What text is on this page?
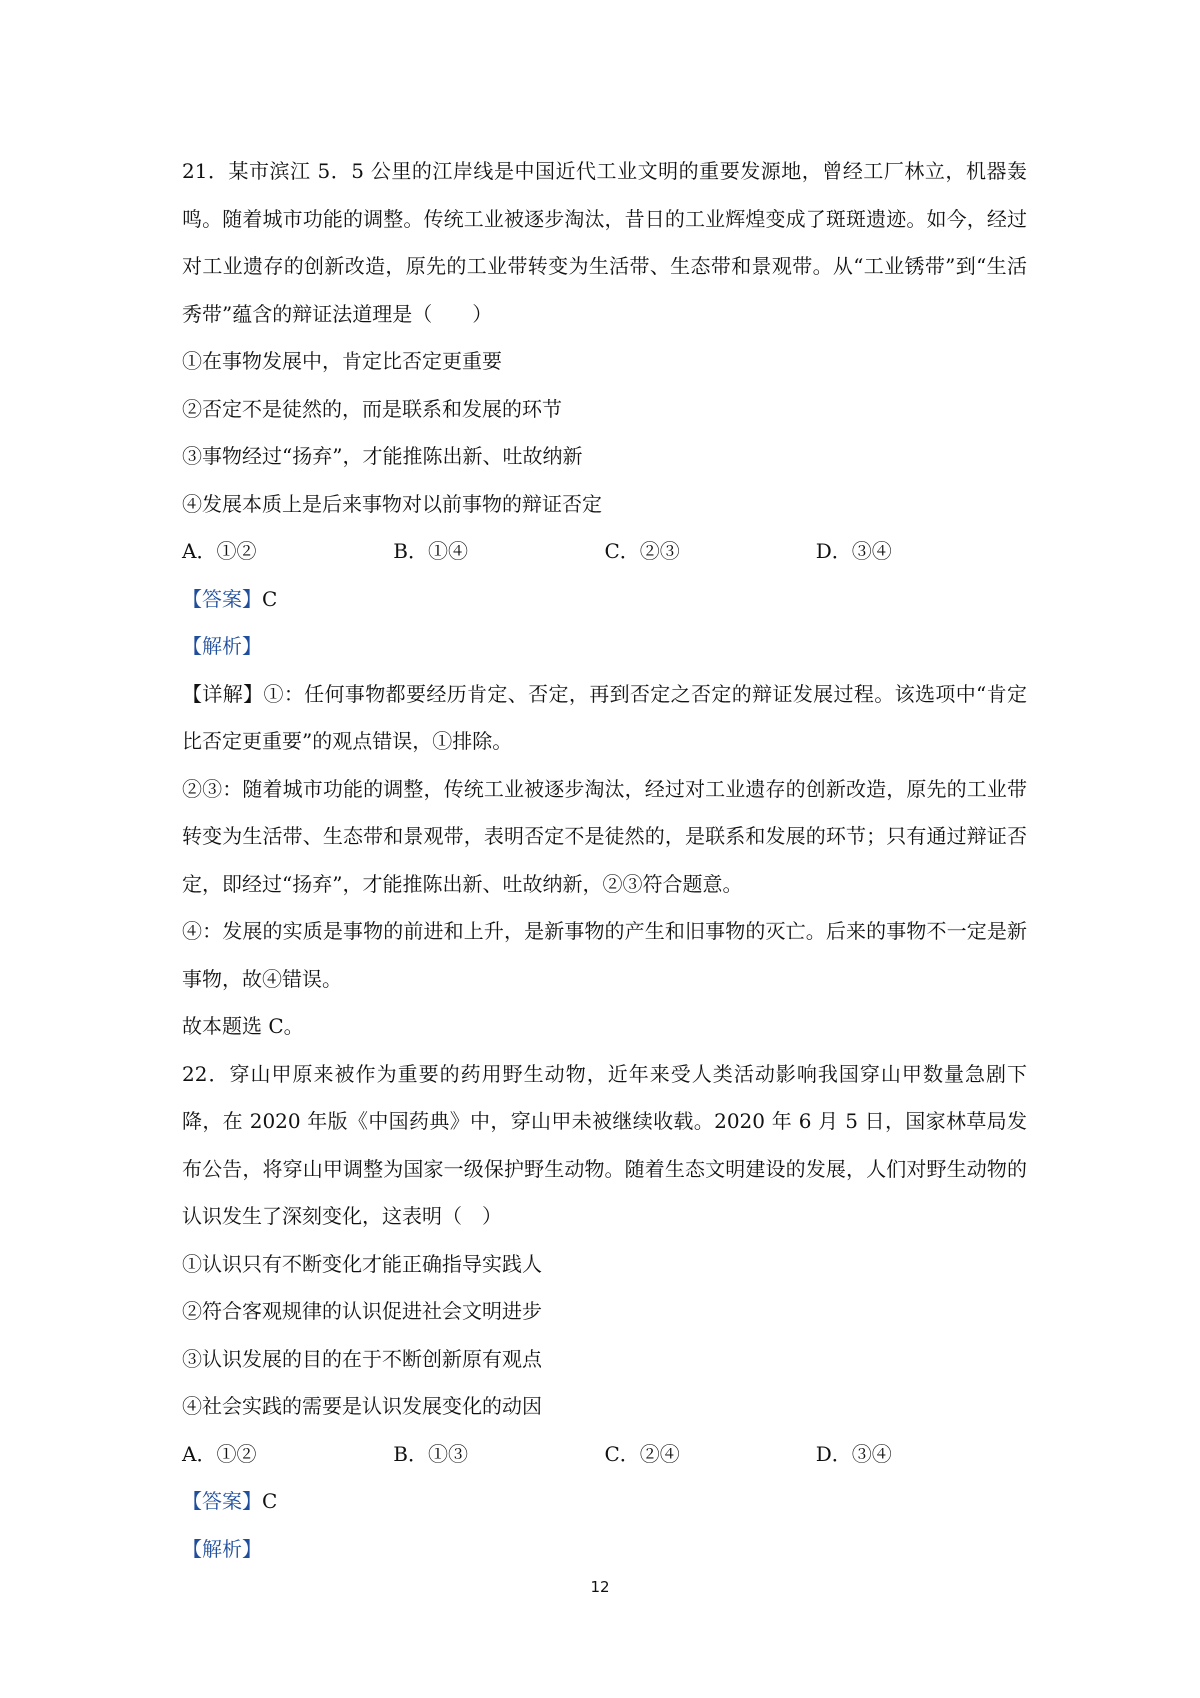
21．某市滨江 5．5 公里的江岸线是中国近代工业文明的重要发源地，曾经工厂林立，机器轰鸣。随着城市功能的调整。传统工业被逐步淘汰，昔日的工业辉煌变成了斑斑遗迹。如今，经过对工业遗存的创新改造，原先的工业带转变为生活带、生态带和景观带。从“工业锈带”到“生活秀带”蕴含的辩证法道理是（　　）

①在事物发展中，肯定比否定更重要

②否定不是徒然的，而是联系和发展的环节

③事物经过“扬弃”，才能推陈出新、吐故纳新

④发展本质上是后来事物对以前事物的辩证否定

A．①②	B．①④	C．②③	D．③④

【答案】C

【解析】

【详解】①：任何事物都要经历肯定、否定，再到否定之否定的辩证发展过程。该选项中“肯定比否定更重要”的观点错误，①排除。

②③：随着城市功能的调整，传统工业被逐步淘汰，经过对工业遗存的创新改造，原先的工业带转变为生活带、生态带和景观带，表明否定不是徒然的，是联系和发展的环节；只有通过辩证否定，即经过“扬弃”，才能推陈出新、吐故纳新，②③符合题意。

④：发展的实质是事物的前进和上升，是新事物的产生和旧事物的灭亡。后来的事物不一定是新事物，故④错误。

故本题选 C。

22．穿山甲原来被作为重要的药用野生动物，近年来受人类活动影响我国穿山甲数量急剧下降，在 2020 年版《中国药典》中，穿山甲未被继续收载。2020 年 6 月 5 日，国家林草局发布公告，将穿山甲调整为国家一级保护野生动物。随着生态文明建设的发展，人们对野生动物的认识发生了深刻变化，这表明（　）

①认识只有不断变化才能正确指导实践人

②符合客观规律的认识促进社会文明进步

③认识发展的目的在于不断创新原有观点

④社会实践的需要是认识发展变化的动因

A．①②	B．①③	C．②④	D．③④

【答案】C

【解析】

12
